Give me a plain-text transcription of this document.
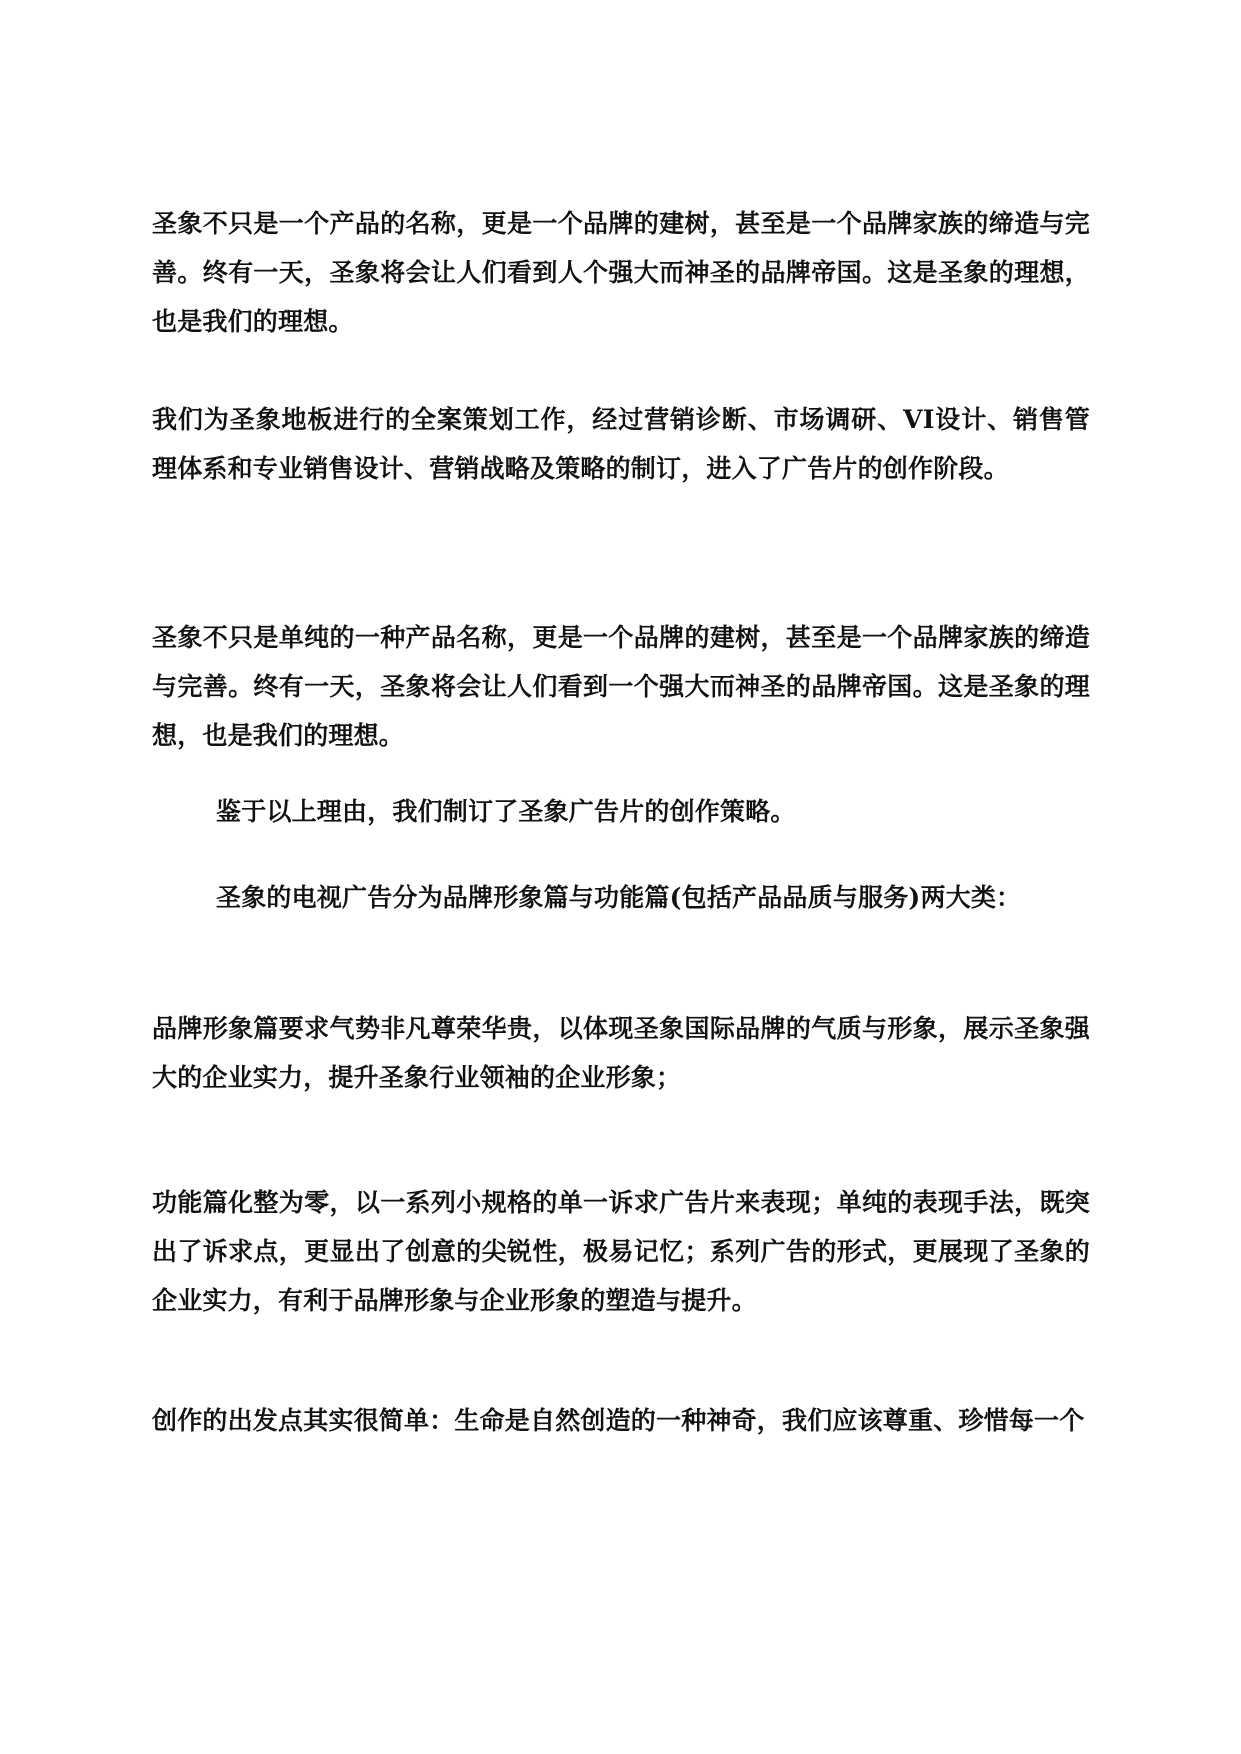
圣象不只是一个产品的名称，更是一个品牌的建树，甚至是一个品牌家族的缔造与完善。终有一天，圣象将会让人们看到人个强大而神圣的品牌帝国。这是圣象的理想，也是我们的理想。

我们为圣象地板进行的全案策划工作，经过营销诊断、市场调研、VI设计、销售管理体系和专业销售设计、营销战略及策略的制订，进入了广告片的创作阶段。

圣象不只是单纯的一种产品名称，更是一个品牌的建树，甚至是一个品牌家族的缔造与完善。终有一天，圣象将会让人们看到一个强大而神圣的品牌帝国。这是圣象的理想，也是我们的理想。

鉴于以上理由，我们制订了圣象广告片的创作策略。

圣象的电视广告分为品牌形象篇与功能篇(包括产品品质与服务)两大类：

品牌形象篇要求气势非凡尊荣华贵，以体现圣象国际品牌的气质与形象，展示圣象强大的企业实力，提升圣象行业领袖的企业形象；

功能篇化整为零，以一系列小规格的单一诉求广告片来表现；单纯的表现手法，既突出了诉求点，更显出了创意的尖锐性，极易记忆；系列广告的形式，更展现了圣象的企业实力，有利于品牌形象与企业形象的塑造与提升。

创作的出发点其实很简单：生命是自然创造的一种神奇，我们应该尊重、珍惜每一个
